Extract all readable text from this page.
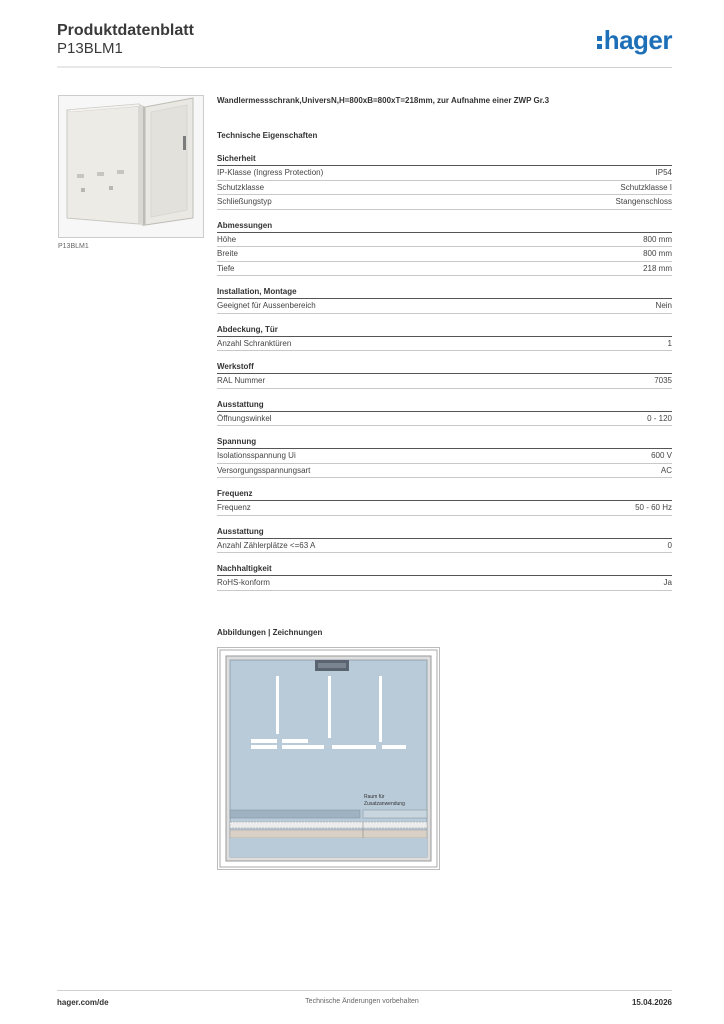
Produktdatenblatt
P13BLM1	hager
P13BLM1
Wandlermessschrank,UniversN,H=800xB=800xT=218mm, zur Aufnahme einer ZWP Gr.3
Technische Eigenschaften
Sicherheit
IP-Klasse (Ingress Protection)	IP54
Schutzklasse	Schutzklasse I
Schließungstyp	Stangenschloss
Abmessungen
Höhe	800 mm
Breite	800 mm
Tiefe	218 mm
Installation, Montage
Geeignet für Aussenbereich	Nein
Abdeckung, Tür
Anzahl Schranktüren	1
Werkstoff
RAL Nummer	7035
Ausstattung
Öffnungswinkel	0 - 120
Spannung
Isolationsspannung Ui	600 V
Versorgungsspannungsart	AC
Frequenz
Frequenz	50 - 60 Hz
Ausstattung
Anzahl Zählerplätze <=63 A	0
Nachhaltigkeit
RoHS-konform	Ja
Abbildungen | Zeichnungen
Raum für
Zusatzanwendung
hager.com/de	Technische Änderungen vorbehalten	15.04.2026
